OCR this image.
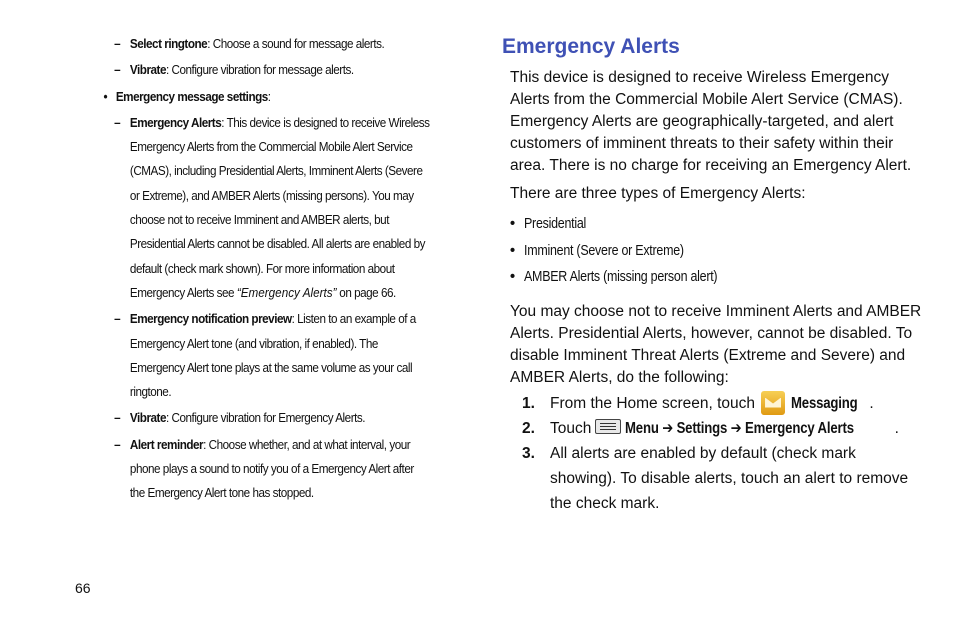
– Select ringtone: Choose a sound for message alerts.
– Vibrate: Configure vibration for message alerts.
• Emergency message settings:
– Emergency Alerts: This device is designed to receive Wireless Emergency Alerts from the Commercial Mobile Alert Service (CMAS), including Presidential Alerts, Imminent Alerts (Severe or Extreme), and AMBER Alerts (missing persons). You may choose not to receive Imminent and AMBER alerts, but Presidential Alerts cannot be disabled. All alerts are enabled by default (check mark shown). For more information about Emergency Alerts see “Emergency Alerts” on page 66.
– Emergency notification preview: Listen to an example of a Emergency Alert tone (and vibration, if enabled). The Emergency Alert tone plays at the same volume as your call ringtone.
– Vibrate: Configure vibration for Emergency Alerts.
– Alert reminder: Choose whether, and at what interval, your phone plays a sound to notify you of a Emergency Alert after the Emergency Alert tone has stopped.
Emergency Alerts
This device is designed to receive Wireless Emergency Alerts from the Commercial Mobile Alert Service (CMAS). Emergency Alerts are geographically-targeted, and alert customers of imminent threats to their safety within their area. There is no charge for receiving an Emergency Alert.
There are three types of Emergency Alerts:
• Presidential
• Imminent (Severe or Extreme)
• AMBER Alerts (missing person alert)
You may choose not to receive Imminent Alerts and AMBER Alerts. Presidential Alerts, however, cannot be disabled. To disable Imminent Threat Alerts (Extreme and Severe) and AMBER Alerts, do the following:
1. From the Home screen, touch Messaging .
2. Touch Menu ➔ Settings ➔ Emergency Alerts	.
3. All alerts are enabled by default (check mark showing). To disable alerts, touch an alert to remove the check mark.
66
